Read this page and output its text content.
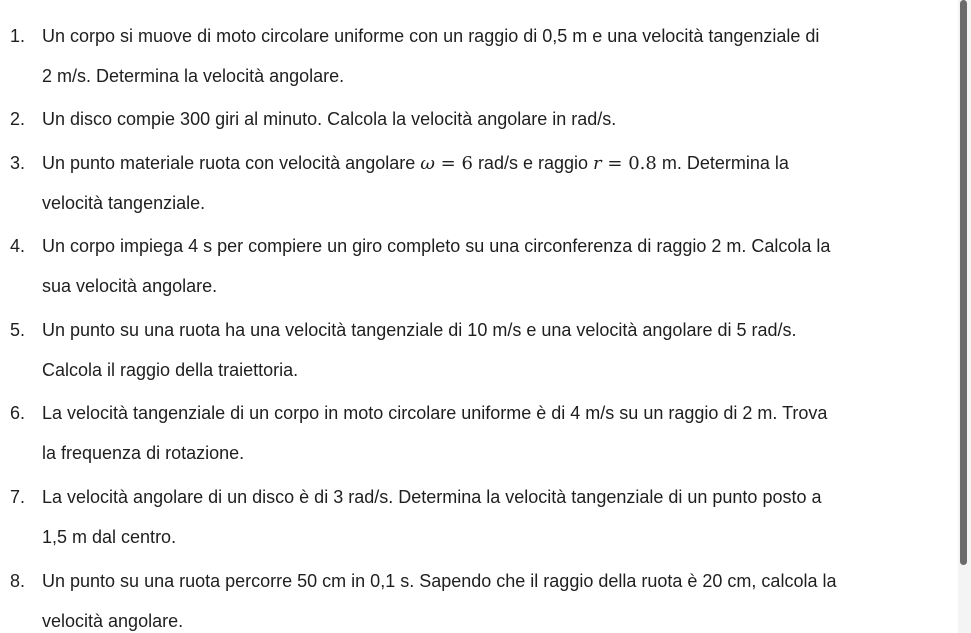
1. Un corpo si muove di moto circolare uniforme con un raggio di 0,5 m e una velocità tangenziale di
2 m/s. Determina la velocità angolare.
2. Un disco compie 300 giri al minuto. Calcola la velocità angolare in rad/s.
3. Un punto materiale ruota con velocità angolare ω = 6 rad/s e raggio r = 0.8 m. Determina la
velocità tangenziale.
4. Un corpo impiega 4 s per compiere un giro completo su una circonferenza di raggio 2 m. Calcola la
sua velocità angolare.
5. Un punto su una ruota ha una velocità tangenziale di 10 m/s e una velocità angolare di 5 rad/s.
Calcola il raggio della traiettoria.
6. La velocità tangenziale di un corpo in moto circolare uniforme è di 4 m/s su un raggio di 2 m. Trova
la frequenza di rotazione.
7. La velocità angolare di un disco è di 3 rad/s. Determina la velocità tangenziale di un punto posto a
1,5 m dal centro.
8. Un punto su una ruota percorre 50 cm in 0,1 s. Sapendo che il raggio della ruota è 20 cm, calcola la
velocità angolare.
